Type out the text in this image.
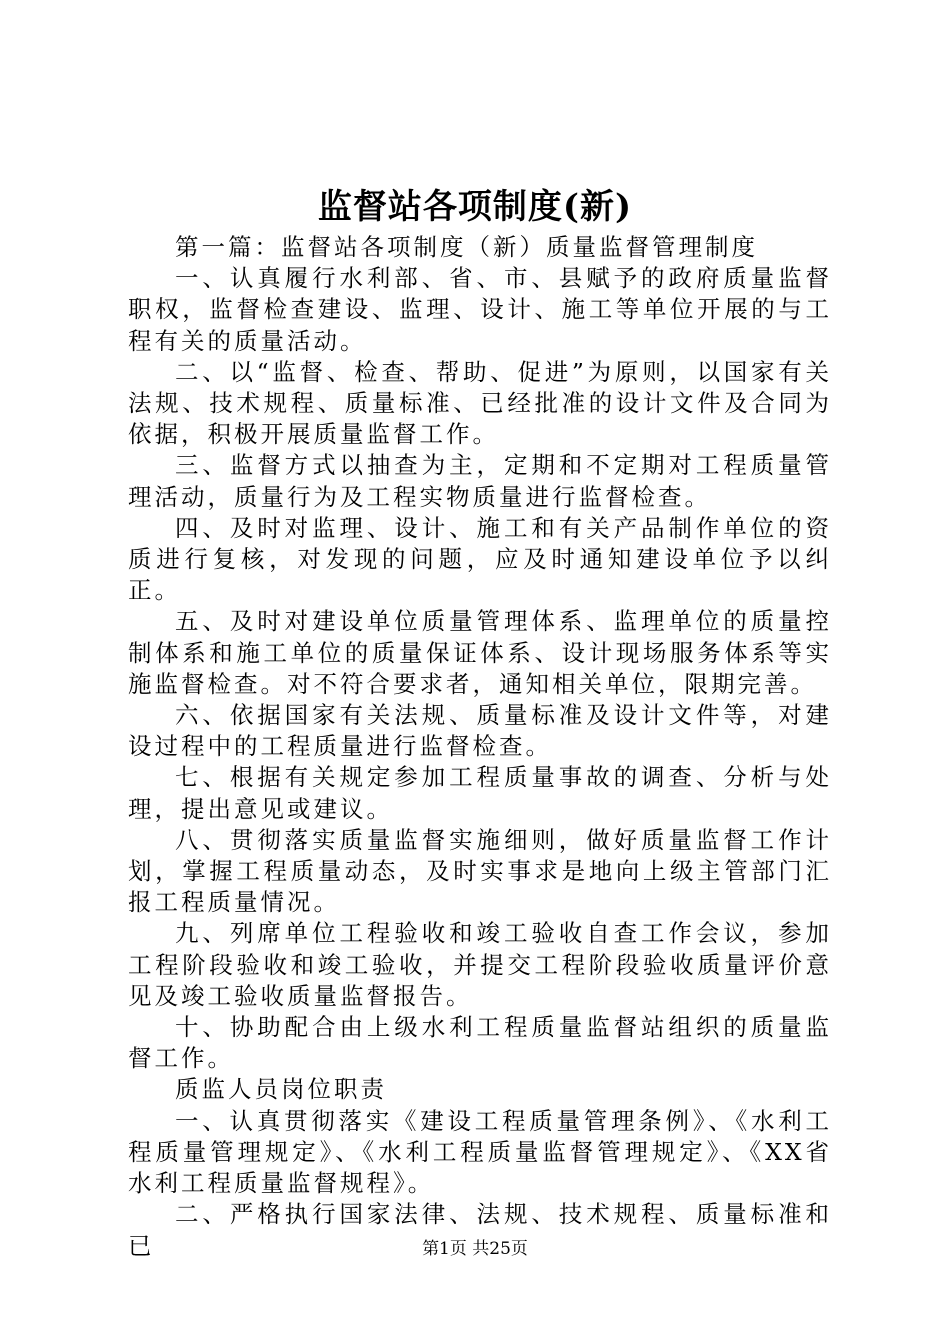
监督站各项制度(新)

第一篇：监督站各项制度（新）质量监督管理制度

一、认真履行水利部、省、市、县赋予的政府质量监督职权，监督检查建设、监理、设计、施工等单位开展的与工程有关的质量活动。

二、以“监督、检查、帮助、促进”为原则，以国家有关法规、技术规程、质量标准、已经批准的设计文件及合同为依据，积极开展质量监督工作。

三、监督方式以抽查为主，定期和不定期对工程质量管理活动，质量行为及工程实物质量进行监督检查。

四、及时对监理、设计、施工和有关产品制作单位的资质进行复核，对发现的问题，应及时通知建设单位予以纠正。

五、及时对建设单位质量管理体系、监理单位的质量控制体系和施工单位的质量保证体系、设计现场服务体系等实施监督检查。对不符合要求者，通知相关单位，限期完善。

六、依据国家有关法规、质量标准及设计文件等，对建设过程中的工程质量进行监督检查。

七、根据有关规定参加工程质量事故的调查、分析与处理，提出意见或建议。

八、贯彻落实质量监督实施细则，做好质量监督工作计划，掌握工程质量动态，及时实事求是地向上级主管部门汇报工程质量情况。

九、列席单位工程验收和竣工验收自查工作会议，参加工程阶段验收和竣工验收，并提交工程阶段验收质量评价意见及竣工验收质量监督报告。

十、协助配合由上级水利工程质量监督站组织的质量监督工作。

质监人员岗位职责

一、认真贯彻落实《建设工程质量管理条例》、《水利工程质量管理规定》、《水利工程质量监督管理规定》、《XX省水利工程质量监督规程》。

二、严格执行国家法律、法规、技术规程、质量标准和已	第1页 共25页
